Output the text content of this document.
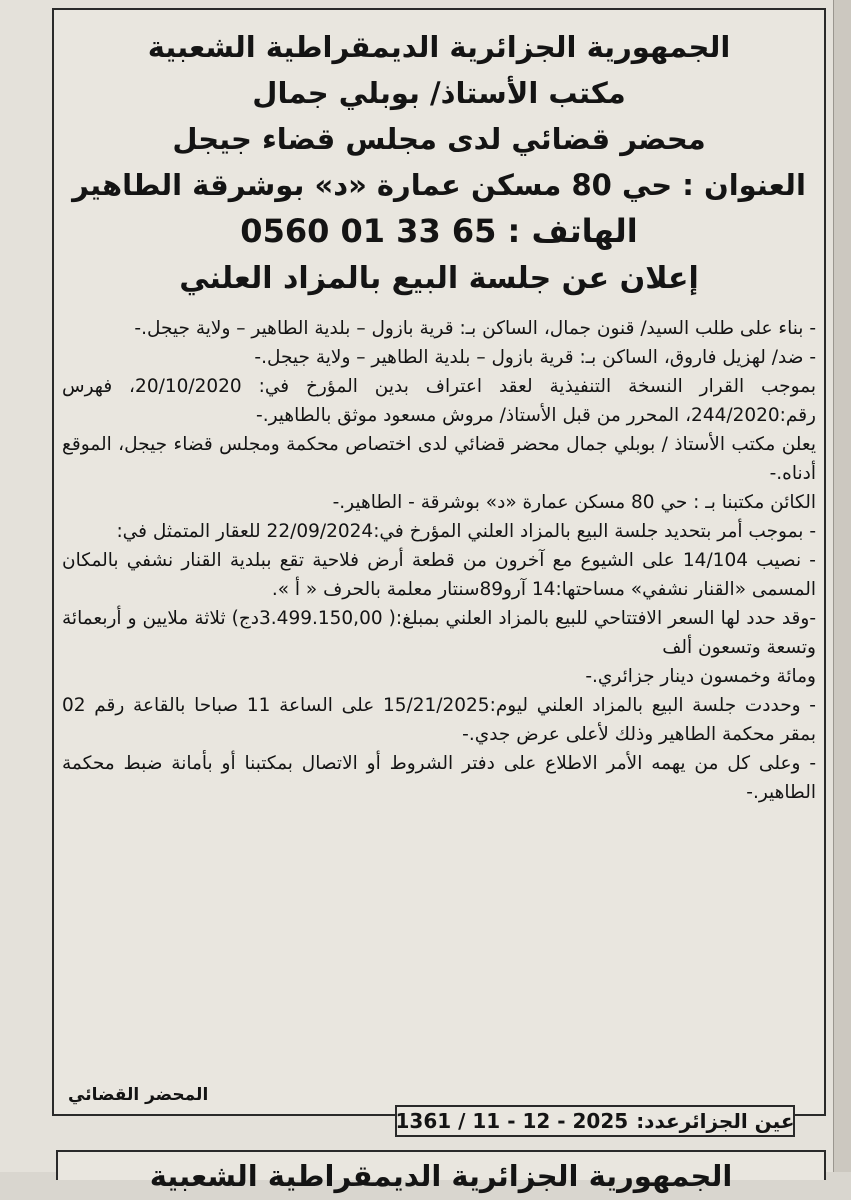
الجمهورية الجزائرية الديمقراطية الشعبية
مكتب الأستاذ/ بوبلي جمال
محضر قضائي لدى مجلس قضاء جيجل
العنوان : حي 80 مسكن عمارة «د» بوشرقة الطاهير
الهاتف : 65 33 01 0560
إعلان عن جلسة البيع بالمزاد العلني

- بناء على طلب السيد/ قنون جمال، الساكن بـ: قرية بازول – بلدية الطاهير – ولاية جيجل.-

- ضد/ لهزيل فاروق، الساكن بـ: قرية بازول – بلدية الطاهير – ولاية جيجل.-

بموجب القرار النسخة التنفيذية لعقد اعتراف بدين المؤرخ في: 20/10/2020، فهرس رقم:244/2020، المحرر من قبل الأستاذ/ مروش مسعود موثق بالطاهير.-

يعلن مكتب الأستاذ / بوبلي جمال محضر قضائي لدى اختصاص محكمة ومجلس قضاء جيجل، الموقع أدناه.-

الكائن مكتبنا بـ : حي 80 مسكن عمارة «د» بوشرقة - الطاهير.-

- بموجب أمر بتحديد جلسة البيع بالمزاد العلني المؤرخ في:22/09/2024 للعقار المتمثل في:

- نصيب 14/104 على الشيوع مع آخرون من قطعة أرض فلاحية تقع ببلدية القنار نشفي بالمكان المسمى «القنار نشفي» مساحتها:14 آرو89سنتار معلمة بالحرف « أ ».

-وقد حدد لها السعر الافتتاحي للبيع بالمزاد العلني بمبلغ:( 3.499.150,00دج) ثلاثة ملايين و أربعمائة وتسعة وتسعون ألف

ومائة وخمسون دينار جزائري.-

- وحددت جلسة البيع بالمزاد العلني ليوم:15/21/2025 على الساعة 11 صباحا بالقاعة رقم 02 بمقر محكمة الطاهير وذلك لأعلى عرض جدي.-

- وعلى كل من يهمه الأمر الاطلاع على دفتر الشروط أو الاتصال بمكتبنا أو بأمانة ضبط محكمة الطاهير.-

المحضر القضائي
عين الجزائرعدد:
1361 / 11 - 12 - 2025
الجمهورية الجزائرية الديمقراطية الشعبية
